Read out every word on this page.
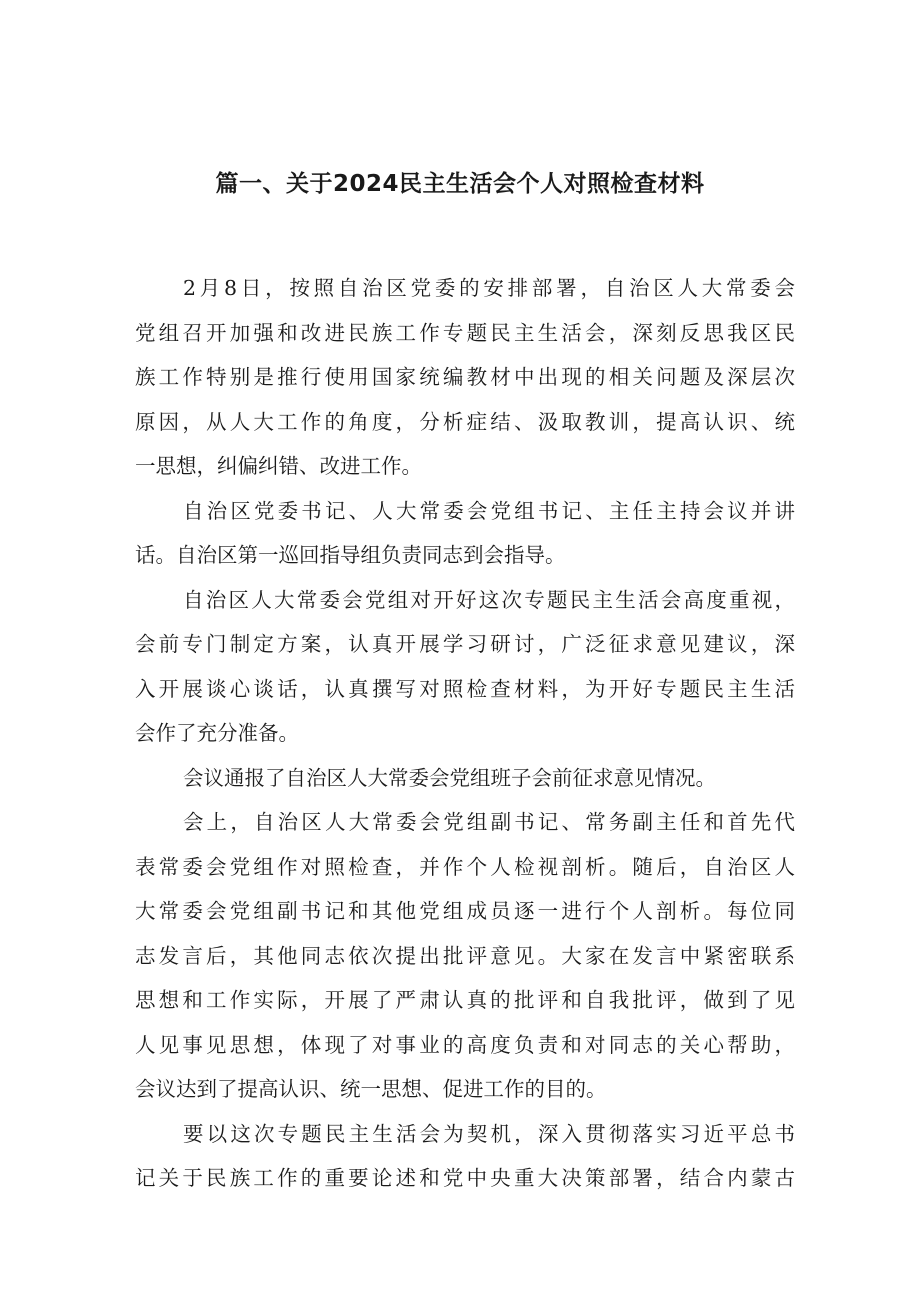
篇一、关于2024民主生活会个人对照检查材料
2月8日，按照自治区党委的安排部署，自治区人大常委会
党组召开加强和改进民族工作专题民主生活会，深刻反思我区民
族工作特别是推行使用国家统编教材中出现的相关问题及深层次
原因，从人大工作的角度，分析症结、汲取教训，提高认识、统
一思想，纠偏纠错、改进工作。
自治区党委书记、人大常委会党组书记、主任主持会议并讲
话。自治区第一巡回指导组负责同志到会指导。
自治区人大常委会党组对开好这次专题民主生活会高度重视，
会前专门制定方案，认真开展学习研讨，广泛征求意见建议，深
入开展谈心谈话，认真撰写对照检查材料，为开好专题民主生活
会作了充分准备。
会议通报了自治区人大常委会党组班子会前征求意见情况。
会上，自治区人大常委会党组副书记、常务副主任和首先代
表常委会党组作对照检查，并作个人检视剖析。随后，自治区人
大常委会党组副书记和其他党组成员逐一进行个人剖析。每位同
志发言后，其他同志依次提出批评意见。大家在发言中紧密联系
思想和工作实际，开展了严肃认真的批评和自我批评，做到了见
人见事见思想，体现了对事业的高度负责和对同志的关心帮助，
会议达到了提高认识、统一思想、促进工作的目的。
要以这次专题民主生活会为契机，深入贯彻落实习近平总书
记关于民族工作的重要论述和党中央重大决策部署，结合内蒙古
